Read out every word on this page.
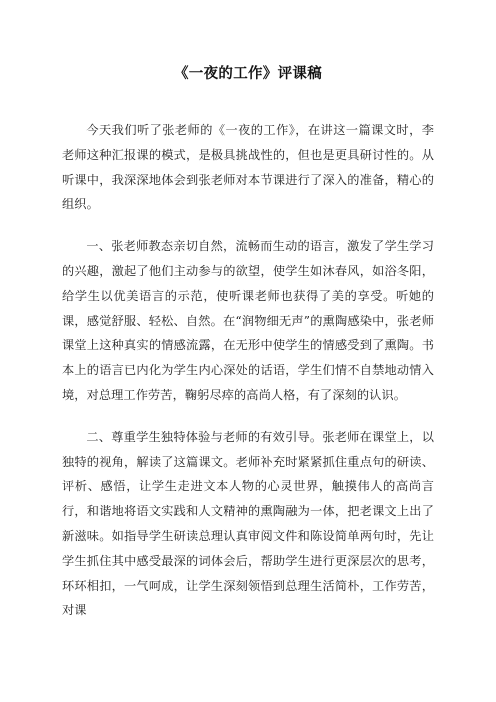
《一夜的工作》评课稿

今天我们听了张老师的《一夜的工作》，在讲这一篇课文时，李老师这种汇报课的模式，是极具挑战性的，但也是更具研讨性的。从听课中，我深深地体会到张老师对本节课进行了深入的准备，精心的组织。

一、张老师教态亲切自然，流畅而生动的语言，激发了学生学习的兴趣，激起了他们主动参与的欲望，使学生如沐春风，如浴冬阳，给学生以优美语言的示范，使听课老师也获得了美的享受。听她的课，感觉舒服、轻松、自然。在“润物细无声”的熏陶感染中，张老师课堂上这种真实的情感流露，在无形中使学生的情感受到了熏陶。书本上的语言已内化为学生内心深处的话语，学生们情不自禁地动情入境，对总理工作劳苦，鞠躬尽瘁的高尚人格，有了深刻的认识。

二、尊重学生独特体验与老师的有效引导。张老师在课堂上，以独特的视角，解读了这篇课文。老师补充时紧紧抓住重点句的研读、评析、感悟，让学生走进文本人物的心灵世界，触摸伟人的高尚言行，和谐地将语文实践和人文精神的熏陶融为一体，把老课文上出了新滋味。如指导学生研读总理认真审阅文件和陈设简单两句时，先让学生抓住其中感受最深的词体会后，帮助学生进行更深层次的思考，环环相扣，一气呵成，让学生深刻领悟到总理生活简朴，工作劳苦，对课
